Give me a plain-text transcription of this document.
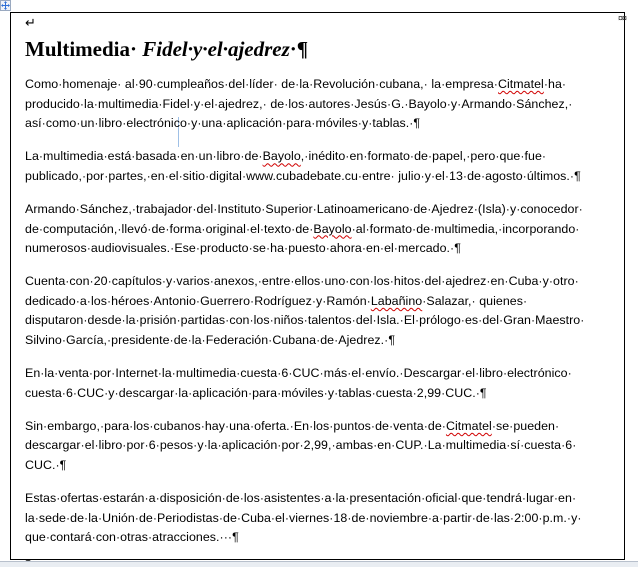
¤¤
↵
Multimedia· Fidel·y·el·ajedrez·¶

Como·homenaje· al·90·cumpleaños·del·líder· de·la·Revolución·cubana,· la·empresa·Citmatel·ha· producido·la·multimedia·Fidel·y·el·ajedrez,· de·los·autores·Jesús·G.·Bayolo·y·Armando·Sánchez,· así·como·un·libro·electrónico·y·una·aplicación·para·móviles·y·tablas.·¶

La·multimedia·está·basada·en·un·libro·de·Bayolo,·inédito·en·formato·de·papel,·pero·que·fue· publicado,·por·partes,·en·el·sitio·digital·www.cubadebate.cu·entre· julio·y·el·13·de·agosto·últimos.·¶

Armando·Sánchez,·trabajador·del·Instituto·Superior·Latinoamericano·de·Ajedrez·(Isla)·y·conocedor· de·computación,·llevó·de·forma·original·el·texto·de·Bayolo·al·formato·de·multimedia,·incorporando· numerosos·audiovisuales.·Ese·producto·se·ha·puesto·ahora·en·el·mercado.·¶

Cuenta·con·20·capítulos·y·varios·anexos,·entre·ellos·uno·con·los·hitos·del·ajedrez·en·Cuba·y·otro· dedicado·a·los·héroes·Antonio·Guerrero·Rodríguez·y·Ramón·Labañino·Salazar,· quienes· disputaron·desde·la·prisión·partidas·con·los·niños·talentos·del·Isla.·El·prólogo·es·del·Gran·Maestro· Silvino·García,·presidente·de·la·Federación·Cubana·de·Ajedrez.·¶

En·la·venta·por·Internet·la·multimedia·cuesta·6·CUC·más·el·envío.·Descargar·el·libro·electrónico· cuesta·6·CUC·y·descargar·la·aplicación·para·móviles·y·tablas·cuesta·2,99·CUC.·¶

Sin·embargo,·para·los·cubanos·hay·una·oferta.·En·los·puntos·de·venta·de·Citmatel·se·pueden· descargar·el·libro·por·6·pesos·y·la·aplicación·por·2,99,·ambas·en·CUP.·La·multimedia·sí·cuesta·6· CUC.·¶

Estas·ofertas·estarán·a·disposición·de·los·asistentes·a·la·presentación·oficial·que·tendrá·lugar·en· la·sede·de·la·Unión·de·Periodistas·de·Cuba·el·viernes·18·de·noviembre·a·partir·de·las·2:00·p.m.·y· que·contará·con·otras·atracciones.···¶
